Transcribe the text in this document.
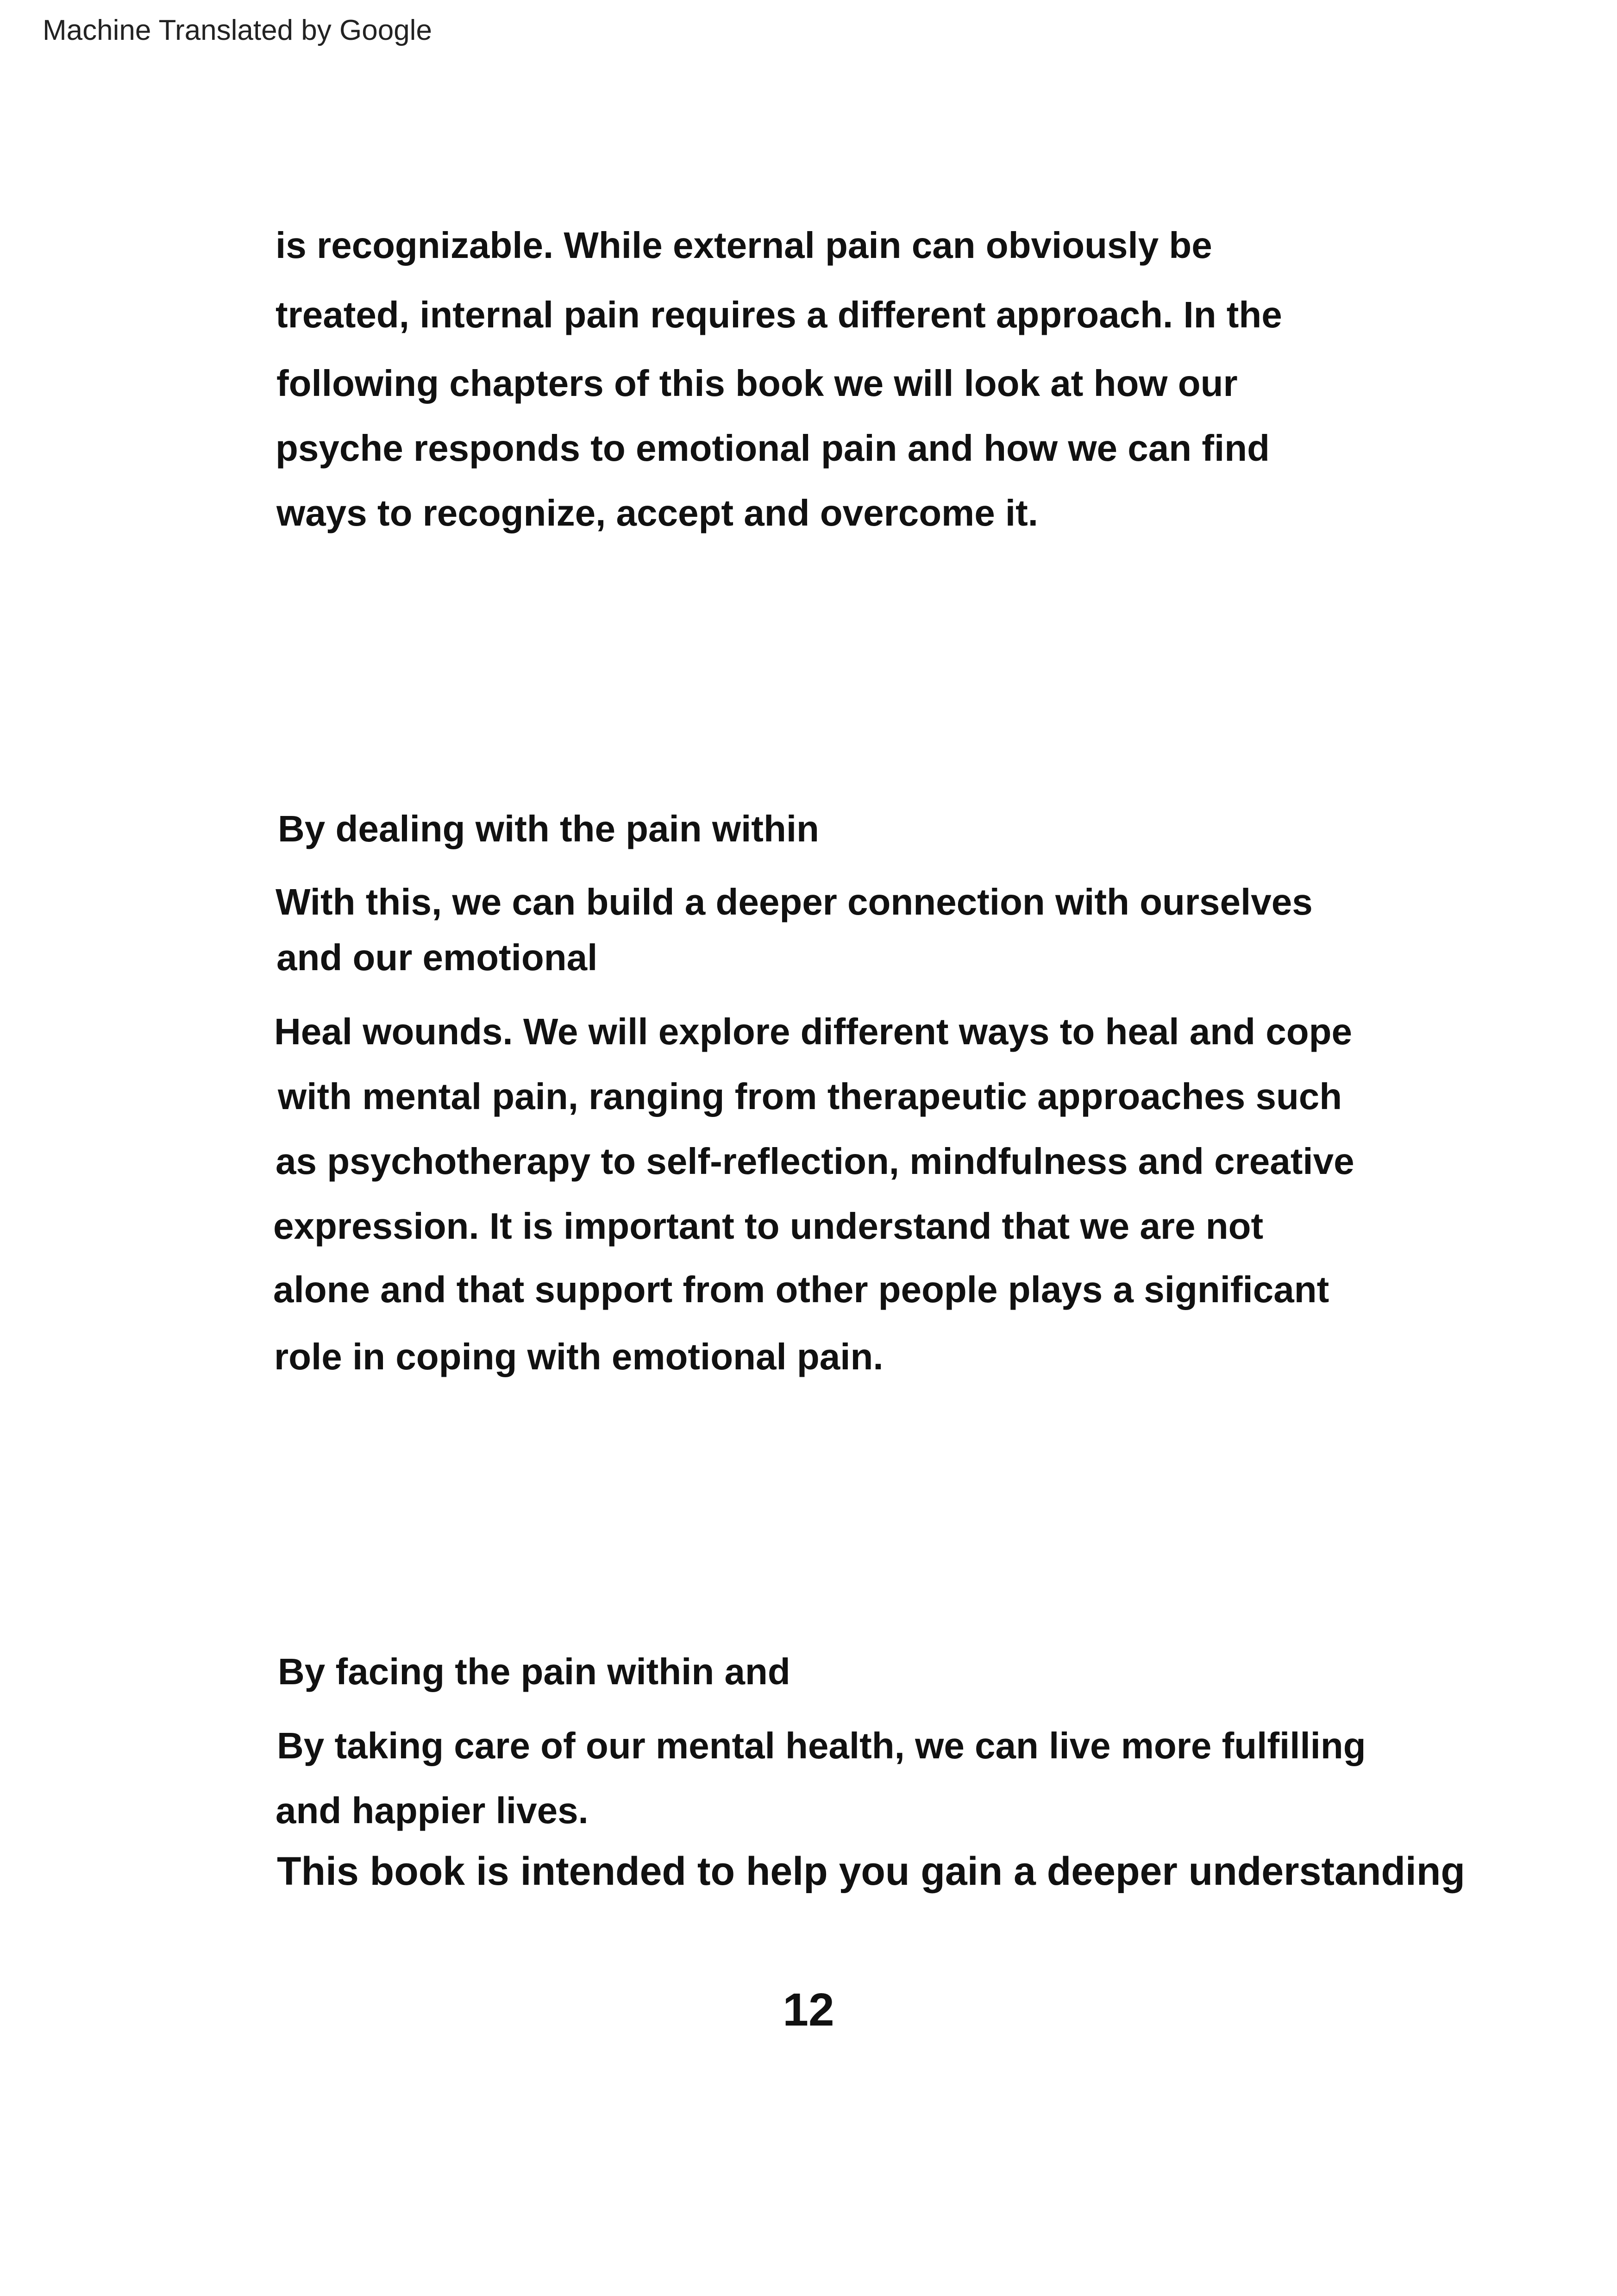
Machine Translated by Google
is recognizable. While external pain can obviously be
treated, internal pain requires a different approach. In the
following chapters of this book we will look at how our
psyche responds to emotional pain and how we can find
ways to recognize, accept and overcome it.
By dealing with the pain within
With this, we can build a deeper connection with ourselves
and our emotional
Heal wounds. We will explore different ways to heal and cope
with mental pain, ranging from therapeutic approaches such
as psychotherapy to self-reflection, mindfulness and creative
expression. It is important to understand that we are not
alone and that support from other people plays a significant
role in coping with emotional pain.
By facing the pain within and
By taking care of our mental health, we can live more fulfilling
and happier lives.
This book is intended to help you gain a deeper understanding
12
